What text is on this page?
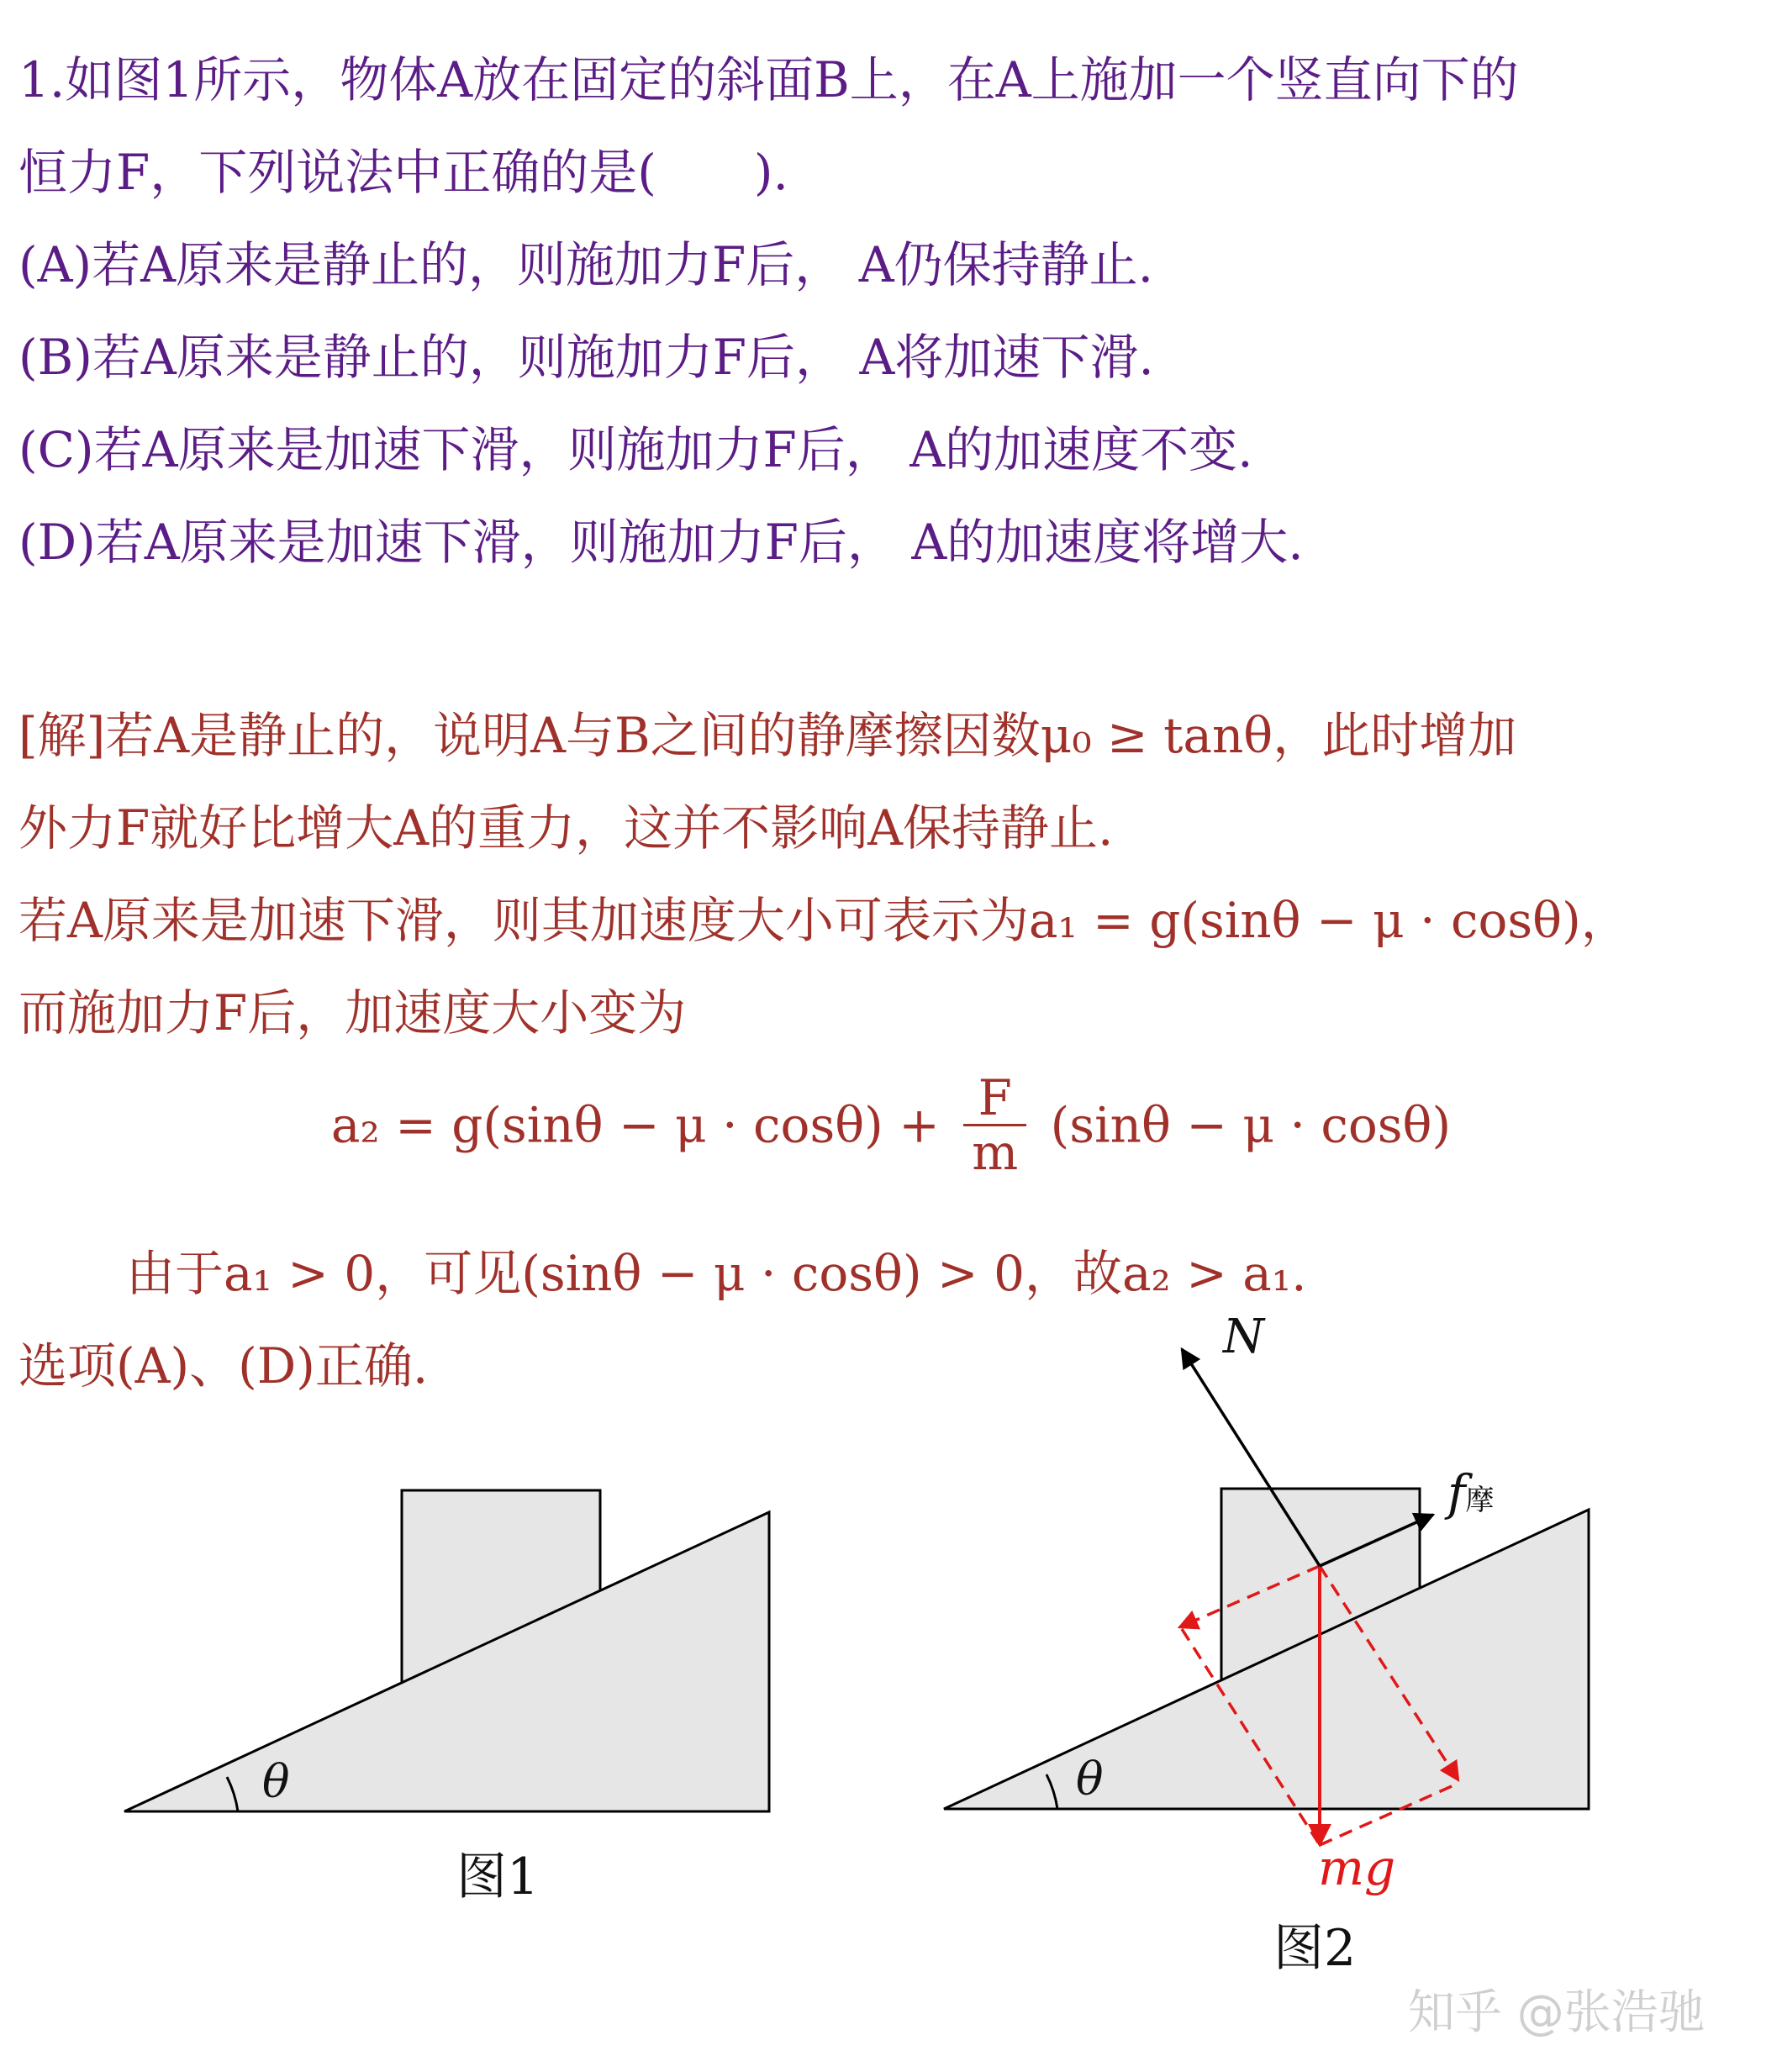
1.如图1所示，物体A放在固定的斜面B上，在A上施加一个竖直向下的
恒力F，下列说法中正确的是(　　).
(A)若A原来是静止的，则施加力F后， A仍保持静止.
(B)若A原来是静止的，则施加力F后， A将加速下滑.
(C)若A原来是加速下滑，则施加力F后， A的加速度不变.
(D)若A原来是加速下滑，则施加力F后， A的加速度将增大.
[解]若A是静止的，说明A与B之间的静摩擦因数μ₀ ≥ tanθ，此时增加
外力F就好比增大A的重力，这并不影响A保持静止.
若A原来是加速下滑，则其加速度大小可表示为a₁ = g(sinθ − μ · cosθ)，
而施加力F后，加速度大小变为
$a_2 = g(\sin\theta - \mu \cdot \cos\theta) + \frac{F}{m} (\sin\theta - \mu \cdot \cos\theta)$
由于a₁ > 0，可见(sinθ − μ · cosθ) > 0，故a₂ > a₁.
选项(A)、(D)正确.
θ
图1
θ
N
f摩
mg
图2
知乎 @张浩驰
